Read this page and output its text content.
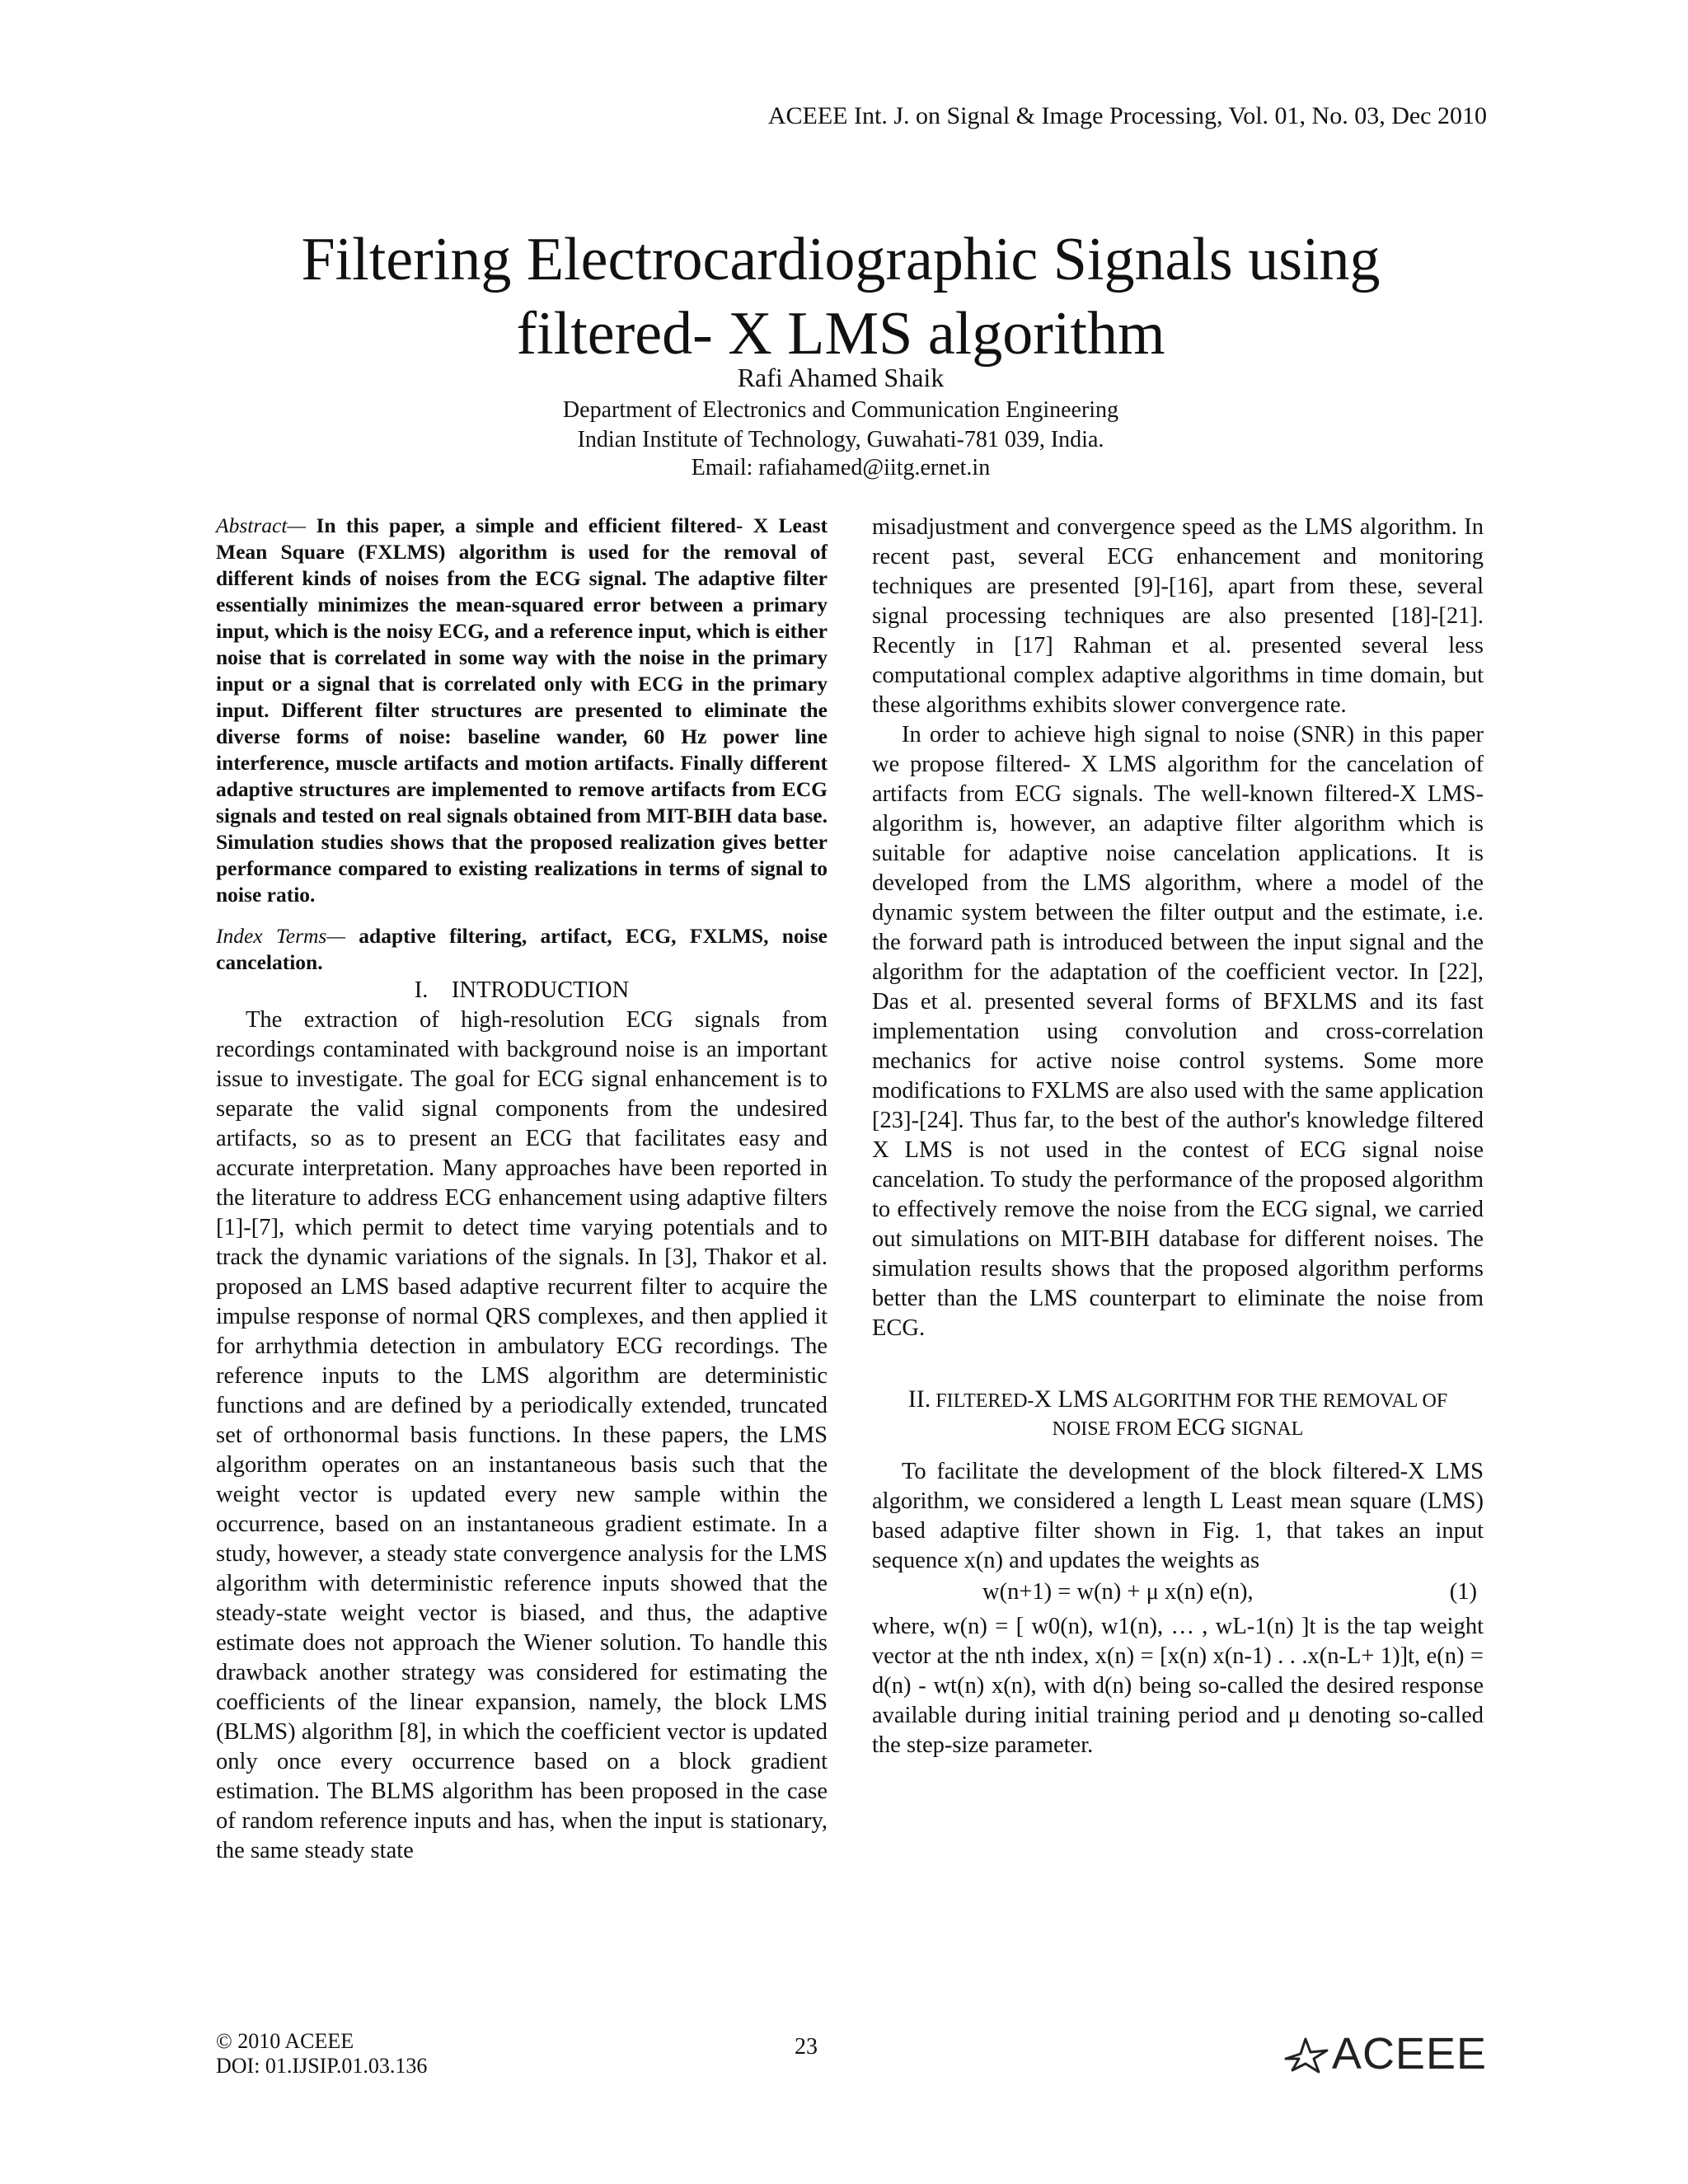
ACEEE Int. J. on Signal & Image Processing, Vol. 01, No. 03, Dec 2010
Filtering Electrocardiographic Signals using
filtered- X LMS algorithm
Rafi Ahamed Shaik
Department of Electronics and Communication Engineering
Indian Institute of Technology, Guwahati-781 039, India.
Email: rafiahamed@iitg.ernet.in

Abstract— In this paper, a simple and efficient filtered- X Least Mean Square (FXLMS) algorithm is used for the removal of different kinds of noises from the ECG signal. The adaptive filter essentially minimizes the mean-squared error between a primary input, which is the noisy ECG, and a reference input, which is either noise that is correlated in some way with the noise in the primary input or a signal that is correlated only with ECG in the primary input. Different filter structures are presented to eliminate the diverse forms of noise: baseline wander, 60 Hz power line interference, muscle artifacts and motion artifacts. Finally different adaptive structures are implemented to remove artifacts from ECG signals and tested on real signals obtained from MIT-BIH data base. Simulation studies shows that the proposed realization gives better performance compared to existing realizations in terms of signal to noise ratio.

Index Terms— adaptive filtering, artifact, ECG, FXLMS, noise cancelation.

I.    INTRODUCTION

The extraction of high-resolution ECG signals from recordings contaminated with background noise is an important issue to investigate. The goal for ECG signal enhancement is to separate the valid signal components from the undesired artifacts, so as to present an ECG that facilitates easy and accurate interpretation. Many approaches have been reported in the literature to address ECG enhancement using adaptive filters [1]-[7], which permit to detect time varying potentials and to track the dynamic variations of the signals. In [3], Thakor et al. proposed an LMS based adaptive recurrent filter to acquire the impulse response of normal QRS complexes, and then applied it for arrhythmia detection in ambulatory ECG recordings. The reference inputs to the LMS algorithm are deterministic functions and are defined by a periodically extended, truncated set of orthonormal basis functions. In these papers, the LMS algorithm operates on an instantaneous basis such that the weight vector is updated every new sample within the occurrence, based on an instantaneous gradient estimate. In a study, however, a steady state convergence analysis for the LMS algorithm with deterministic reference inputs showed that the steady-state weight vector is biased, and thus, the adaptive estimate does not approach the Wiener solution. To handle this drawback another strategy was considered for estimating the coefficients of the linear expansion, namely, the block LMS (BLMS) algorithm [8], in which the coefficient vector is updated only once every occurrence based on a block gradient estimation. The BLMS algorithm has been proposed in the case of random reference inputs and has, when the input is stationary, the same steady state

misadjustment and convergence speed as the LMS algorithm. In recent past, several ECG enhancement and monitoring techniques are presented [9]-[16], apart from these, several signal processing techniques are also presented [18]-[21]. Recently in [17] Rahman et al. presented several less computational complex adaptive algorithms in time domain, but these algorithms exhibits slower convergence rate.

In order to achieve high signal to noise (SNR) in this paper we propose filtered- X LMS algorithm for the cancelation of artifacts from ECG signals. The well-known filtered-X LMS-algorithm is, however, an adaptive filter algorithm which is suitable for adaptive noise cancelation applications. It is developed from the LMS algorithm, where a model of the dynamic system between the filter output and the estimate, i.e. the forward path is introduced between the input signal and the algorithm for the adaptation of the coefficient vector. In [22], Das et al. presented several forms of BFXLMS and its fast implementation using convolution and cross-correlation mechanics for active noise control systems. Some more modifications to FXLMS are also used with the same application [23]-[24]. Thus far, to the best of the author's knowledge filtered X LMS is not used in the contest of ECG signal noise cancelation. To study the performance of the proposed algorithm to effectively remove the noise from the ECG signal, we carried out simulations on MIT-BIH database for different noises. The simulation results shows that the proposed algorithm performs better than the LMS counterpart to eliminate the noise from ECG.

II. FILTERED-X LMS ALGORITHM FOR THE REMOVAL OF
NOISE FROM ECG SIGNAL

To facilitate the development of the block filtered-X LMS algorithm, we considered a length L Least mean square (LMS) based adaptive filter shown in Fig. 1, that takes an input sequence x(n) and updates the weights as

w(n+1) = w(n) + μ x(n) e(n),	(1)

where, w(n) = [ w0(n), w1(n), … , wL-1(n) ]t is the tap weight vector at the nth index, x(n) = [x(n) x(n-1) . . .x(n-L+ 1)]t, e(n) = d(n) - wt(n) x(n), with d(n) being so-called the desired response available during initial training period and μ denoting so-called the step-size parameter.

© 2010 ACEEE
DOI: 01.IJSIP.01.03.136
23	ACEEE
